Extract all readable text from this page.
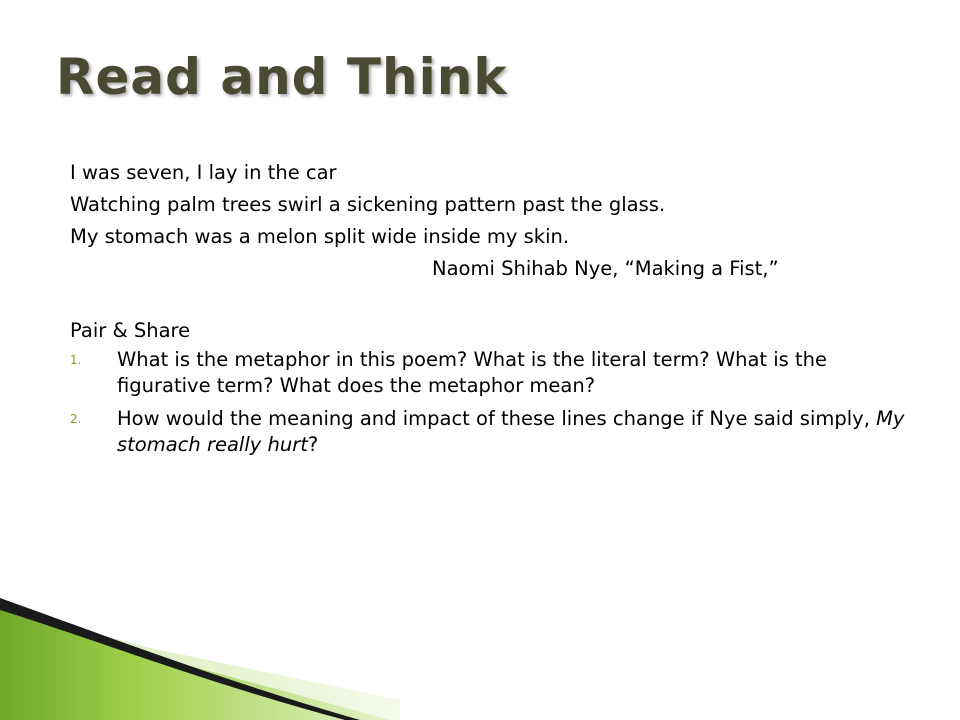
Read and Think
I was seven, I lay in the car
Watching palm trees swirl a sickening pattern past the glass.
My stomach was a melon split wide inside my skin.
Naomi Shihab Nye, “Making a Fist,”
Pair & Share
1. What is the metaphor in this poem? What is the literal term? What is the figurative term? What does the metaphor mean?
2. How would the meaning and impact of these lines change if Nye said simply, My stomach really hurt?
